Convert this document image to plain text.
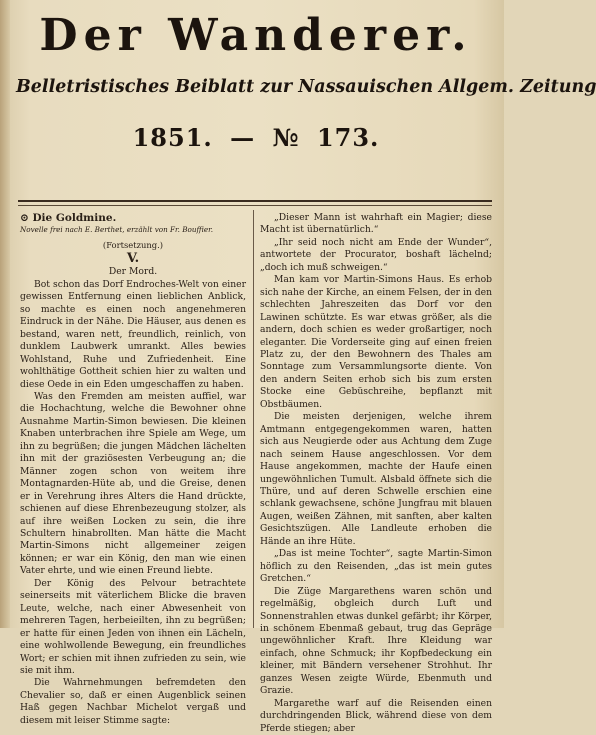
Der Wanderer.
Belletristisches Beiblatt zur Nassauischen Allgem. Zeitung
1851. — № 173.

⊙ Die Goldmine.

Novelle frei nach E. Berthet, erzählt von Fr. Bouffier.

(Fortsetzung.)

V.

Der Mord.

Bot schon das Dorf Endroches-Welt von einer gewissen Entfernung einen lieblichen Anblick, so machte es einen noch angenehmeren Eindruck in der Nähe. Die Häuser, aus denen es bestand, waren nett, freundlich, reinlich, von dunklem Laubwerk umrankt. Alles bewies Wohlstand, Ruhe und Zufriedenheit. Eine wohlthätige Gottheit schien hier zu walten und diese Oede in ein Eden umgeschaffen zu haben.

Was den Fremden am meisten auffiel, war die Hochachtung, welche die Bewohner ohne Ausnahme Martin-Simon bewiesen. Die kleinen Knaben unterbrachen ihre Spiele am Wege, um ihn zu begrüßen; die jungen Mädchen lächelten ihn mit der graziösesten Verbeugung an; die Männer zogen schon von weitem ihre Montagnarden-Hüte ab, und die Greise, denen er in Verehrung ihres Alters die Hand drückte, schienen auf diese Ehrenbezeugung stolzer, als auf ihre weißen Locken zu sein, die ihre Schultern hinabrollten. Man hätte die Macht Martin-Simons nicht allgemeiner zeigen können; er war ein König, den man wie einen Vater ehrte, und wie einen Freund liebte.

Der König des Pelvour betrachtete seinerseits mit väterlichem Blicke die braven Leute, welche, nach einer Abwesenheit von mehreren Tagen, herbeieilten, ihn zu begrüßen; er hatte für einen Jeden von ihnen ein Lächeln, eine wohlwollende Bewegung, ein freundliches Wort; er schien mit ihnen zufrieden zu sein, wie sie mit ihm.

Die Wahrnehmungen befremdeten den Chevalier so, daß er einen Augenblick seinen Haß gegen Nachbar Michelot vergaß und diesem mit leiser Stimme sagte:

„Dieser Mann ist wahrhaft ein Magier; diese Macht ist übernatürlich.“

„Ihr seid noch nicht am Ende der Wunder“, antwortete der Procurator, boshaft lächelnd; „doch ich muß schweigen.“

Man kam vor Martin-Simons Haus. Es erhob sich nahe der Kirche, an einem Felsen, der in den schlechten Jahreszeiten das Dorf vor den Lawinen schützte. Es war etwas größer, als die andern, doch schien es weder großartiger, noch eleganter. Die Vorderseite ging auf einen freien Platz zu, der den Bewohnern des Thales am Sonntage zum Versammlungsorte diente. Von den andern Seiten erhob sich bis zum ersten Stocke eine Gebüschreihe, bepflanzt mit Obstbäumen.

Die meisten derjenigen, welche ihrem Amtmann entgegengekommen waren, hatten sich aus Neugierde oder aus Achtung dem Zuge nach seinem Hause angeschlossen. Vor dem Hause angekommen, machte der Haufe einen ungewöhnlichen Tumult. Alsbald öffnete sich die Thüre, und auf deren Schwelle erschien eine schlank gewachsene, schöne Jungfrau mit blauen Augen, weißen Zähnen, mit sanften, aber kalten Gesichtszügen. Alle Landleute erhoben die Hände an ihre Hüte.

„Das ist meine Tochter“, sagte Martin-Simon höflich zu den Reisenden, „das ist mein gutes Gretchen.“

Die Züge Margarethens waren schön und regelmäßig, obgleich durch Luft und Sonnenstrahlen etwas dunkel gefärbt; ihr Körper, in schönem Ebenmaß gebaut, trug das Gepräge ungewöhnlicher Kraft. Ihre Kleidung war einfach, ohne Schmuck; ihr Kopfbedeckung ein kleiner, mit Bändern versehener Strohhut. Ihr ganzes Wesen zeigte Würde, Ebenmuth und Grazie.

Margarethe warf auf die Reisenden einen durchdringenden Blick, während diese von dem Pferde stiegen; aber
